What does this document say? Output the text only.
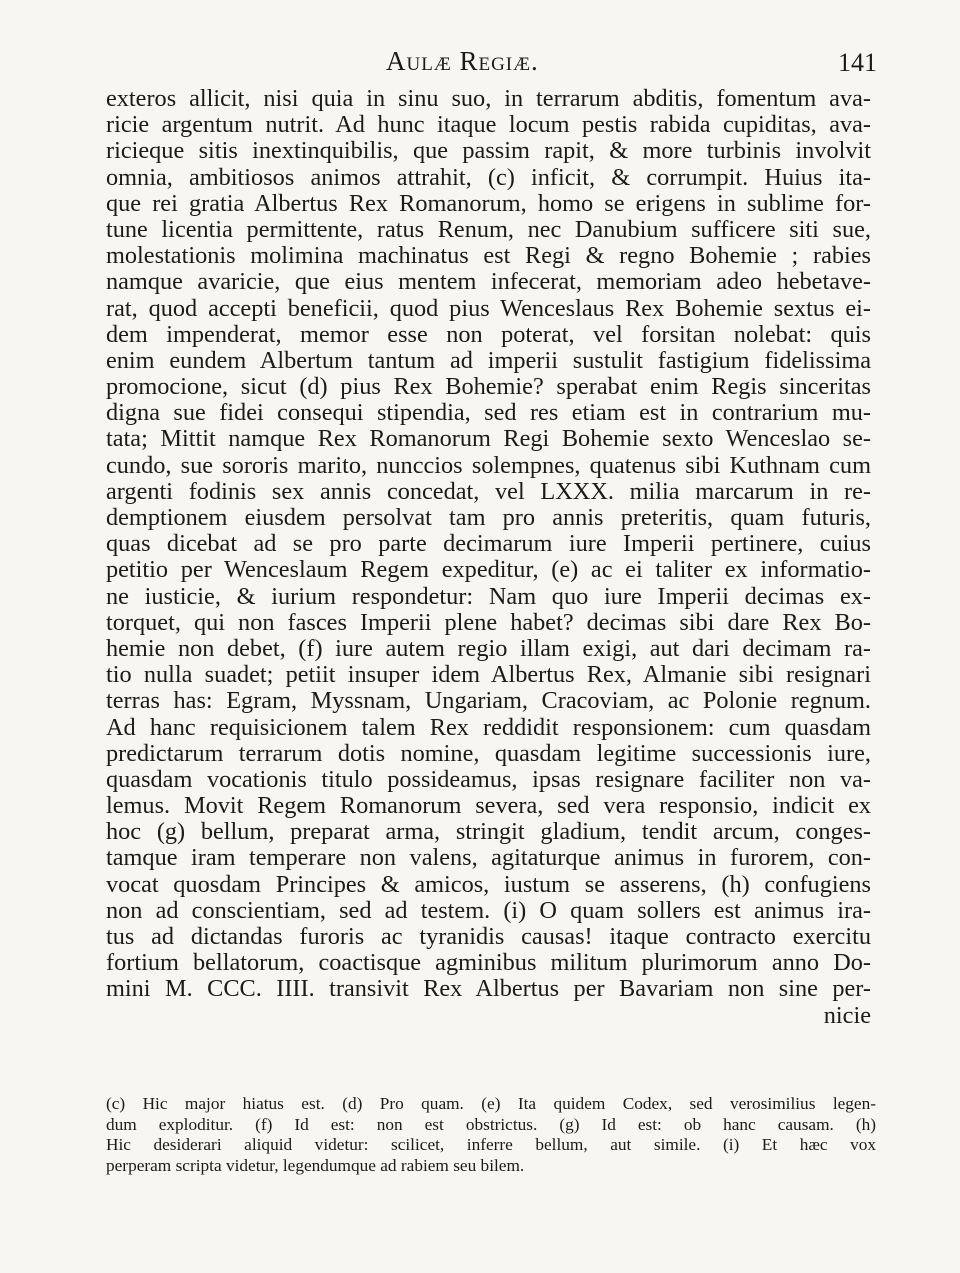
Aulæ Regiæ.	141
exteros allicit, nisi quia in sinu suo, in terrarum abditis, fomentum ava-
ricie argentum nutrit. Ad hunc itaque locum pestis rabida cupiditas, ava-
ricieque sitis inextinquibilis, que passim rapit, & more turbinis involvit
omnia, ambitiosos animos attrahit, (c) inficit, & corrumpit. Huius ita-
que rei gratia Albertus Rex Romanorum, homo se erigens in sublime for-
tune licentia permittente, ratus Renum, nec Danubium sufficere siti sue,
molestationis molimina machinatus est Regi & regno Bohemie ; rabies
namque avaricie, que eius mentem infecerat, memoriam adeo hebetave-
rat, quod accepti beneficii, quod pius Wenceslaus Rex Bohemie sextus ei-
dem impenderat, memor esse non poterat, vel forsitan nolebat: quis
enim eundem Albertum tantum ad imperii sustulit fastigium fidelissima
promocione, sicut (d) pius Rex Bohemie? sperabat enim Regis sinceritas
digna sue fidei consequi stipendia, sed res etiam est in contrarium mu-
tata; Mittit namque Rex Romanorum Regi Bohemie sexto Wenceslao se-
cundo, sue sororis marito, nunccios solempnes, quatenus sibi Kuthnam cum
argenti fodinis sex annis concedat, vel LXXX. milia marcarum in re-
demptionem eiusdem persolvat tam pro annis preteritis, quam futuris,
quas dicebat ad se pro parte decimarum iure Imperii pertinere, cuius
petitio per Wenceslaum Regem expeditur, (e) ac ei taliter ex informatio-
ne iusticie, & iurium respondetur: Nam quo iure Imperii decimas ex-
torquet, qui non fasces Imperii plene habet? decimas sibi dare Rex Bo-
hemie non debet, (f) iure autem regio illam exigi, aut dari decimam ra-
tio nulla suadet; petiit insuper idem Albertus Rex, Almanie sibi resignari
terras has: Egram, Myssnam, Ungariam, Cracoviam, ac Polonie regnum.
Ad hanc requisicionem talem Rex reddidit responsionem: cum quasdam
predictarum terrarum dotis nomine, quasdam legitime successionis iure,
quasdam vocationis titulo possideamus, ipsas resignare faciliter non va-
lemus. Movit Regem Romanorum severa, sed vera responsio, indicit ex
hoc (g) bellum, preparat arma, stringit gladium, tendit arcum, conges-
tamque iram temperare non valens, agitaturque animus in furorem, con-
vocat quosdam Principes & amicos, iustum se asserens, (h) confugiens
non ad conscientiam, sed ad testem. (i) O quam sollers est animus ira-
tus ad dictandas furoris ac tyranidis causas! itaque contracto exercitu
fortium bellatorum, coactisque agminibus militum plurimorum anno Do-
mini M. CCC. IIII. transivit Rex Albertus per Bavariam non sine per-
nicie
(c) Hic major hiatus est. (d) Pro quam. (e) Ita quidem Codex, sed verosimilius legen-
dum exploditur. (f) Id est: non est obstrictus. (g) Id est: ob hanc causam. (h)
Hic desiderari aliquid videtur: scilicet, inferre bellum, aut simile. (i) Et hæc vox
perperam scripta videtur, legendumque ad rabiem seu bilem.
